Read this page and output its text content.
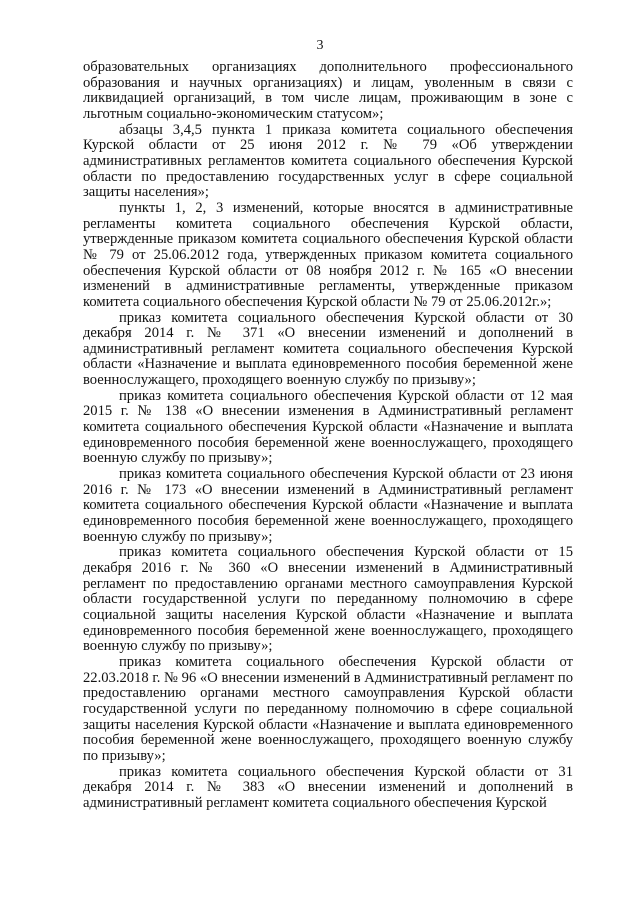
3

образовательных организациях дополнительного профессионального образования и научных организациях) и лицам, уволенным в связи с ликвидацией организаций, в том числе лицам, проживающим в зоне с льготным социально-экономическим статусом»;

абзацы 3,4,5 пункта 1 приказа комитета социального обеспечения Курской области от 25 июня 2012 г. № 79 «Об утверждении административных регламентов комитета социального обеспечения Курской области по предоставлению государственных услуг в сфере социальной защиты населения»;

пункты 1, 2, 3 изменений, которые вносятся в административные регламенты комитета социального обеспечения Курской области, утвержденные приказом комитета социального обеспечения Курской области № 79 от 25.06.2012 года, утвержденных приказом комитета социального обеспечения Курской области от 08 ноября 2012 г. № 165 «О внесении изменений в административные регламенты, утвержденные приказом комитета социального обеспечения Курской области № 79 от 25.06.2012г.»;

приказ комитета социального обеспечения Курской области от 30 декабря 2014 г. № 371 «О внесении изменений и дополнений в административный регламент комитета социального обеспечения Курской области «Назначение и выплата единовременного пособия беременной жене военнослужащего, проходящего военную службу по призыву»;

приказ комитета социального обеспечения Курской области от 12 мая 2015 г. № 138 «О внесении изменения в Административный регламент комитета социального обеспечения Курской области «Назначение и выплата единовременного пособия беременной жене военнослужащего, проходящего военную службу по призыву»;

приказ комитета социального обеспечения Курской области от 23 июня 2016 г. № 173 «О внесении изменений в Административный регламент комитета социального обеспечения Курской области «Назначение и выплата единовременного пособия беременной жене военнослужащего, проходящего военную службу по призыву»;

приказ комитета социального обеспечения Курской области от 15 декабря 2016 г. № 360 «О внесении изменений в Административный регламент по предоставлению органами местного самоуправления Курской области государственной услуги по переданному полномочию в сфере социальной защиты населения Курской области «Назначение и выплата единовременного пособия беременной жене военнослужащего, проходящего военную службу по призыву»;

приказ комитета социального обеспечения Курской области от 22.03.2018 г. № 96 «О внесении изменений в Административный регламент по предоставлению органами местного самоуправления Курской области государственной услуги по переданному полномочию в сфере социальной защиты населения Курской области «Назначение и выплата единовременного пособия беременной жене военнослужащего, проходящего военную службу по призыву»;

приказ комитета социального обеспечения Курской области от 31 декабря 2014 г. № 383 «О внесении изменений и дополнений в административный регламент комитета социального обеспечения Курской
